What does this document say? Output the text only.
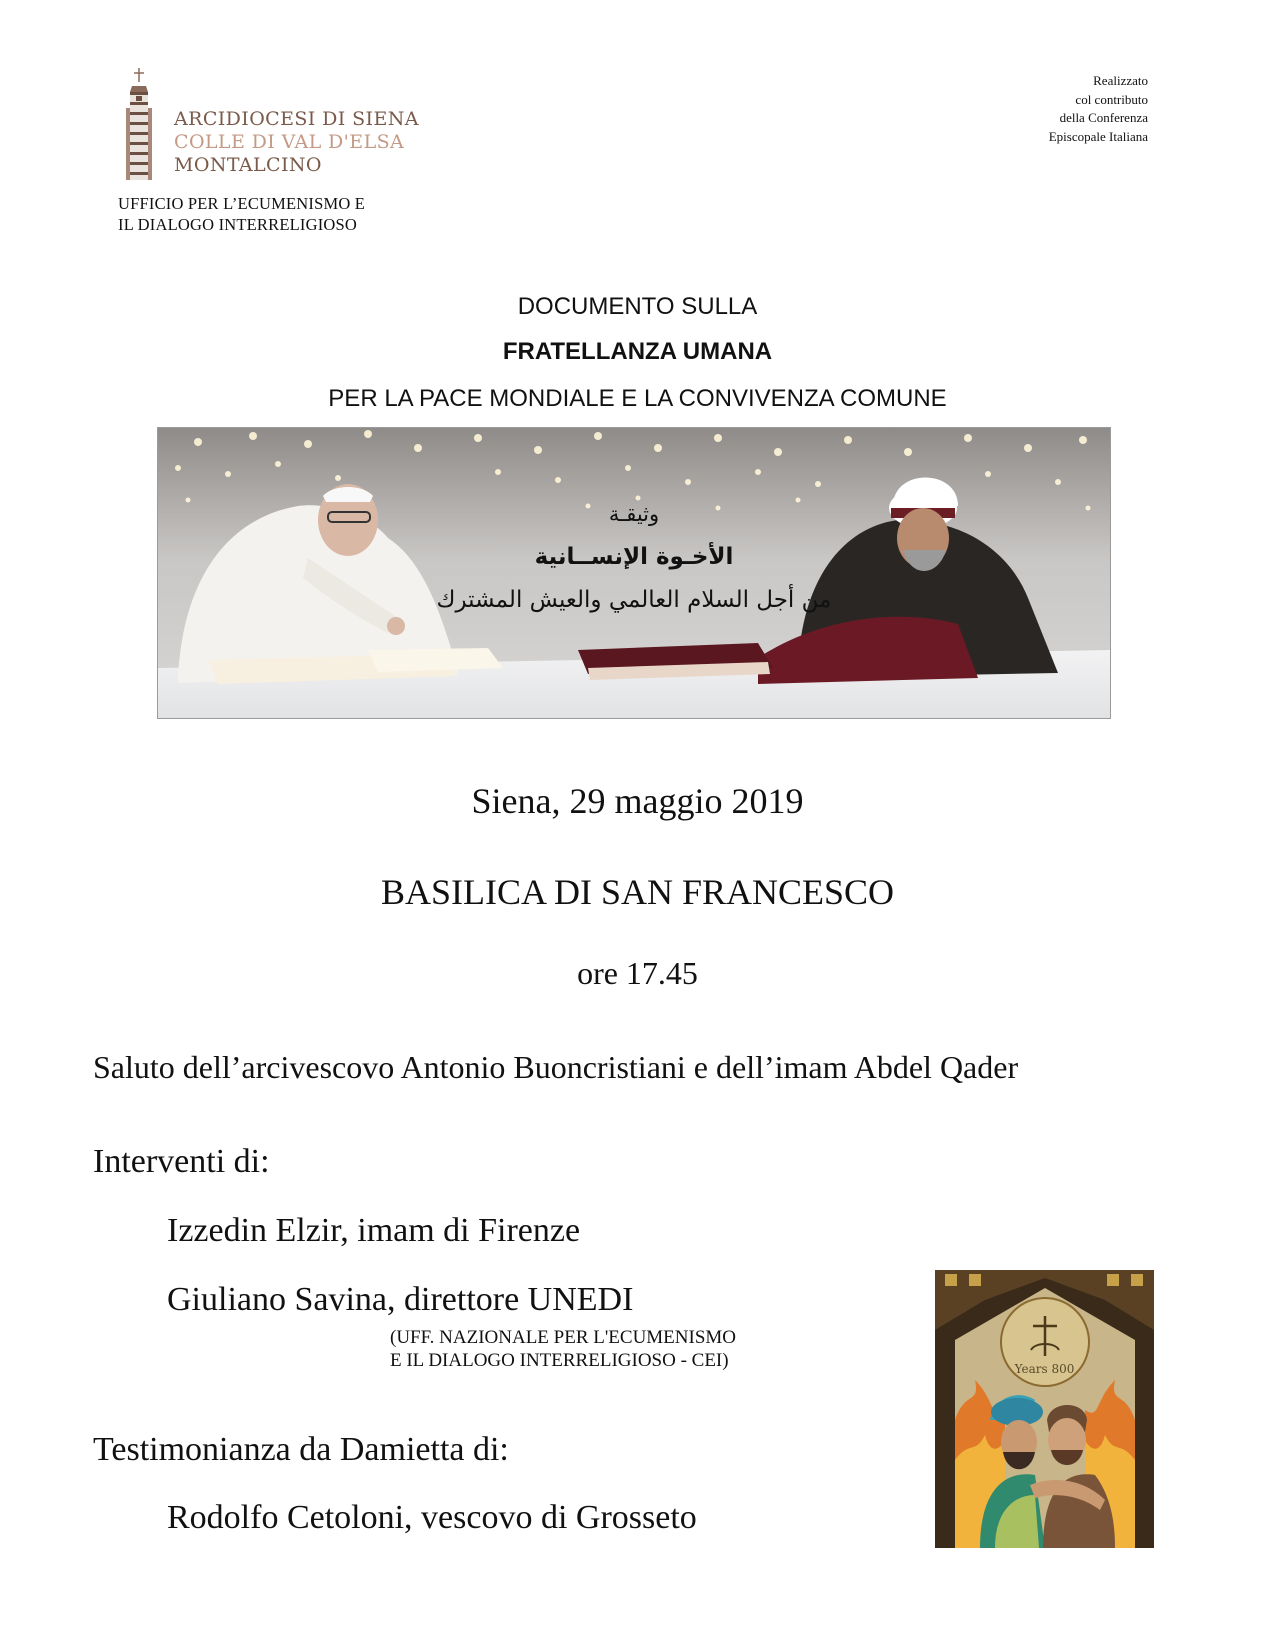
ARCIDIOCESI DI SIENA
COLLE DI VAL D'ELSA
MONTALCINO
UFFICIO PER L’ECUMENISMO E
IL DIALOGO INTERRELIGIOSO
Realizzato
col contributo
della Conferenza
Episcopale Italiana
DOCUMENTO SULLA
FRATELLANZA UMANA
PER LA PACE MONDIALE E LA CONVIVENZA COMUNE
وثيقـة
الأخـوة الإنســانية
من أجل السلام العالمي والعيش المشترك
Siena, 29 maggio 2019
BASILICA DI SAN FRANCESCO
ore 17.45
Saluto dell’arcivescovo Antonio Buoncristiani e dell’imam Abdel Qader
Interventi di:
Izzedin Elzir, imam di Firenze
Giuliano Savina, direttore UNEDI
(UFF. NAZIONALE PER L'ECUMENISMO
E IL DIALOGO INTERRELIGIOSO - CEI)
Testimonianza da Damietta di:
Rodolfo Cetoloni, vescovo di Grosseto
Years 800
